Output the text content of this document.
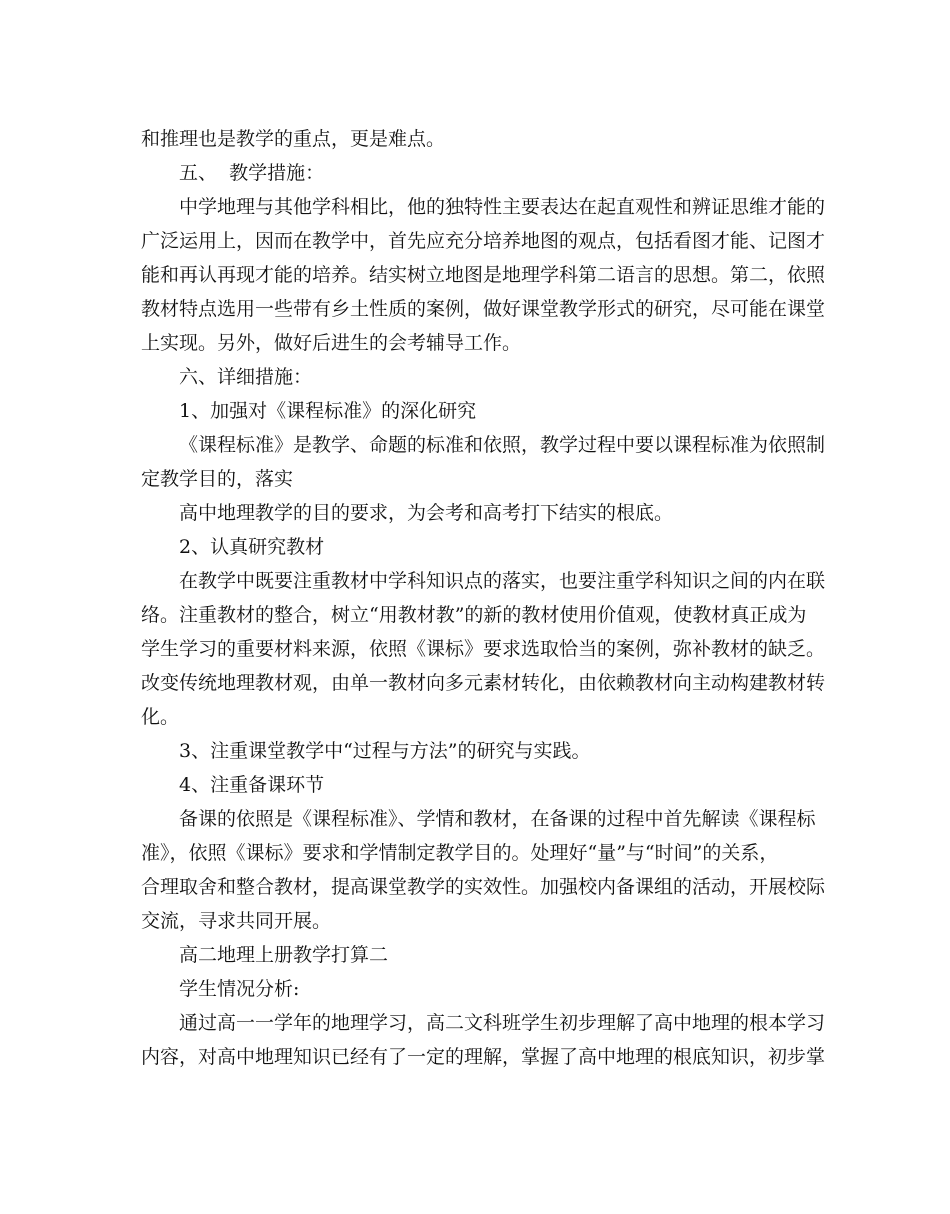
和推理也是教学的重点，更是难点。

五、  教学措施：

中学地理与其他学科相比，他的独特性主要表达在起直观性和辨证思维才能的

广泛运用上，因而在教学中，首先应充分培养地图的观点，包括看图才能、记图才

能和再认再现才能的培养。结实树立地图是地理学科第二语言的思想。第二，依照

教材特点选用一些带有乡土性质的案例，做好课堂教学形式的研究，尽可能在课堂

上实现。另外，做好后进生的会考辅导工作。

六、详细措施：

1、加强对《课程标准》的深化研究

《课程标准》是教学、命题的标准和依照，教学过程中要以课程标准为依照制

定教学目的，落实

高中地理教学的目的要求，为会考和高考打下结实的根底。

2、认真研究教材

在教学中既要注重教材中学科知识点的落实，也要注重学科知识之间的内在联

络。注重教材的整合，树立“用教材教”的新的教材使用价值观，使教材真正成为

学生学习的重要材料来源，依照《课标》要求选取恰当的案例，弥补教材的缺乏。

改变传统地理教材观，由单一教材向多元素材转化，由依赖教材向主动构建教材转

化。

3、注重课堂教学中“过程与方法”的研究与实践。

4、注重备课环节

备课的依照是《课程标准》、学情和教材，在备课的过程中首先解读《课程标

准》，依照《课标》要求和学情制定教学目的。处理好“量”与“时间”的关系，

合理取舍和整合教材，提高课堂教学的实效性。加强校内备课组的活动，开展校际

交流，寻求共同开展。

高二地理上册教学打算二

学生情况分析:

通过高一一学年的地理学习，高二文科班学生初步理解了高中地理的根本学习

内容，对高中地理知识已经有了一定的理解，掌握了高中地理的根底知识，初步掌
